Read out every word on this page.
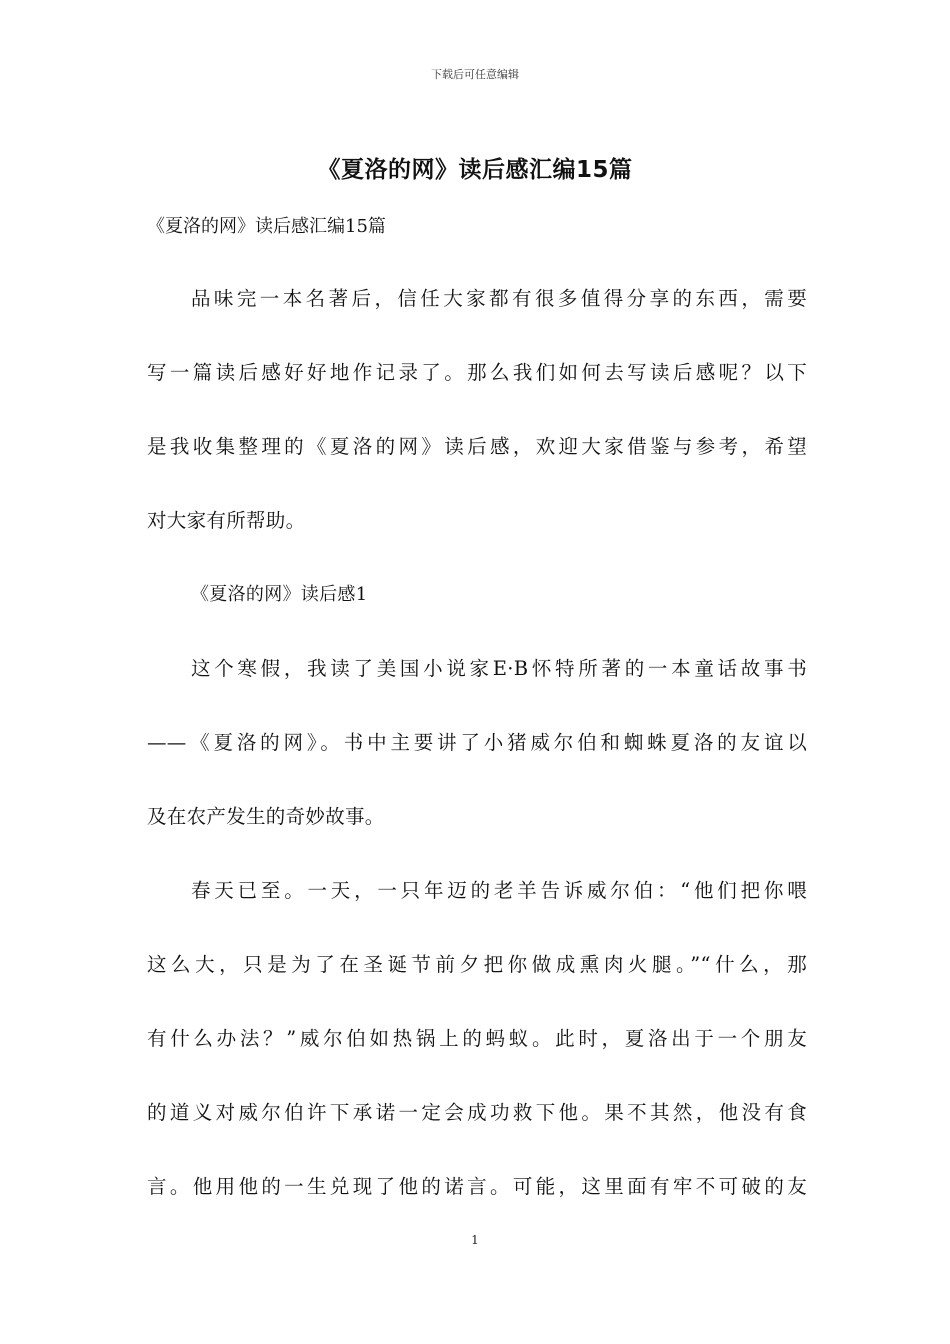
下载后可任意编辑
《夏洛的网》读后感汇编15篇
《夏洛的网》读后感汇编15篇
品味完一本名著后，信任大家都有很多值得分享的东西，需要
写一篇读后感好好地作记录了。那么我们如何去写读后感呢？以下
是我收集整理的《夏洛的网》读后感，欢迎大家借鉴与参考，希望
对大家有所帮助。
《夏洛的网》读后感1
这个寒假，我读了美国小说家E·B怀特所著的一本童话故事书
——《夏洛的网》。书中主要讲了小猪威尔伯和蜘蛛夏洛的友谊以
及在农产发生的奇妙故事。
春天已至。一天，一只年迈的老羊告诉威尔伯：“他们把你喂
这么大，只是为了在圣诞节前夕把你做成熏肉火腿。”“什么，那
有什么办法？”威尔伯如热锅上的蚂蚁。此时，夏洛出于一个朋友
的道义对威尔伯许下承诺一定会成功救下他。果不其然，他没有食
言。他用他的一生兑现了他的诺言。可能，这里面有牢不可破的友
1
